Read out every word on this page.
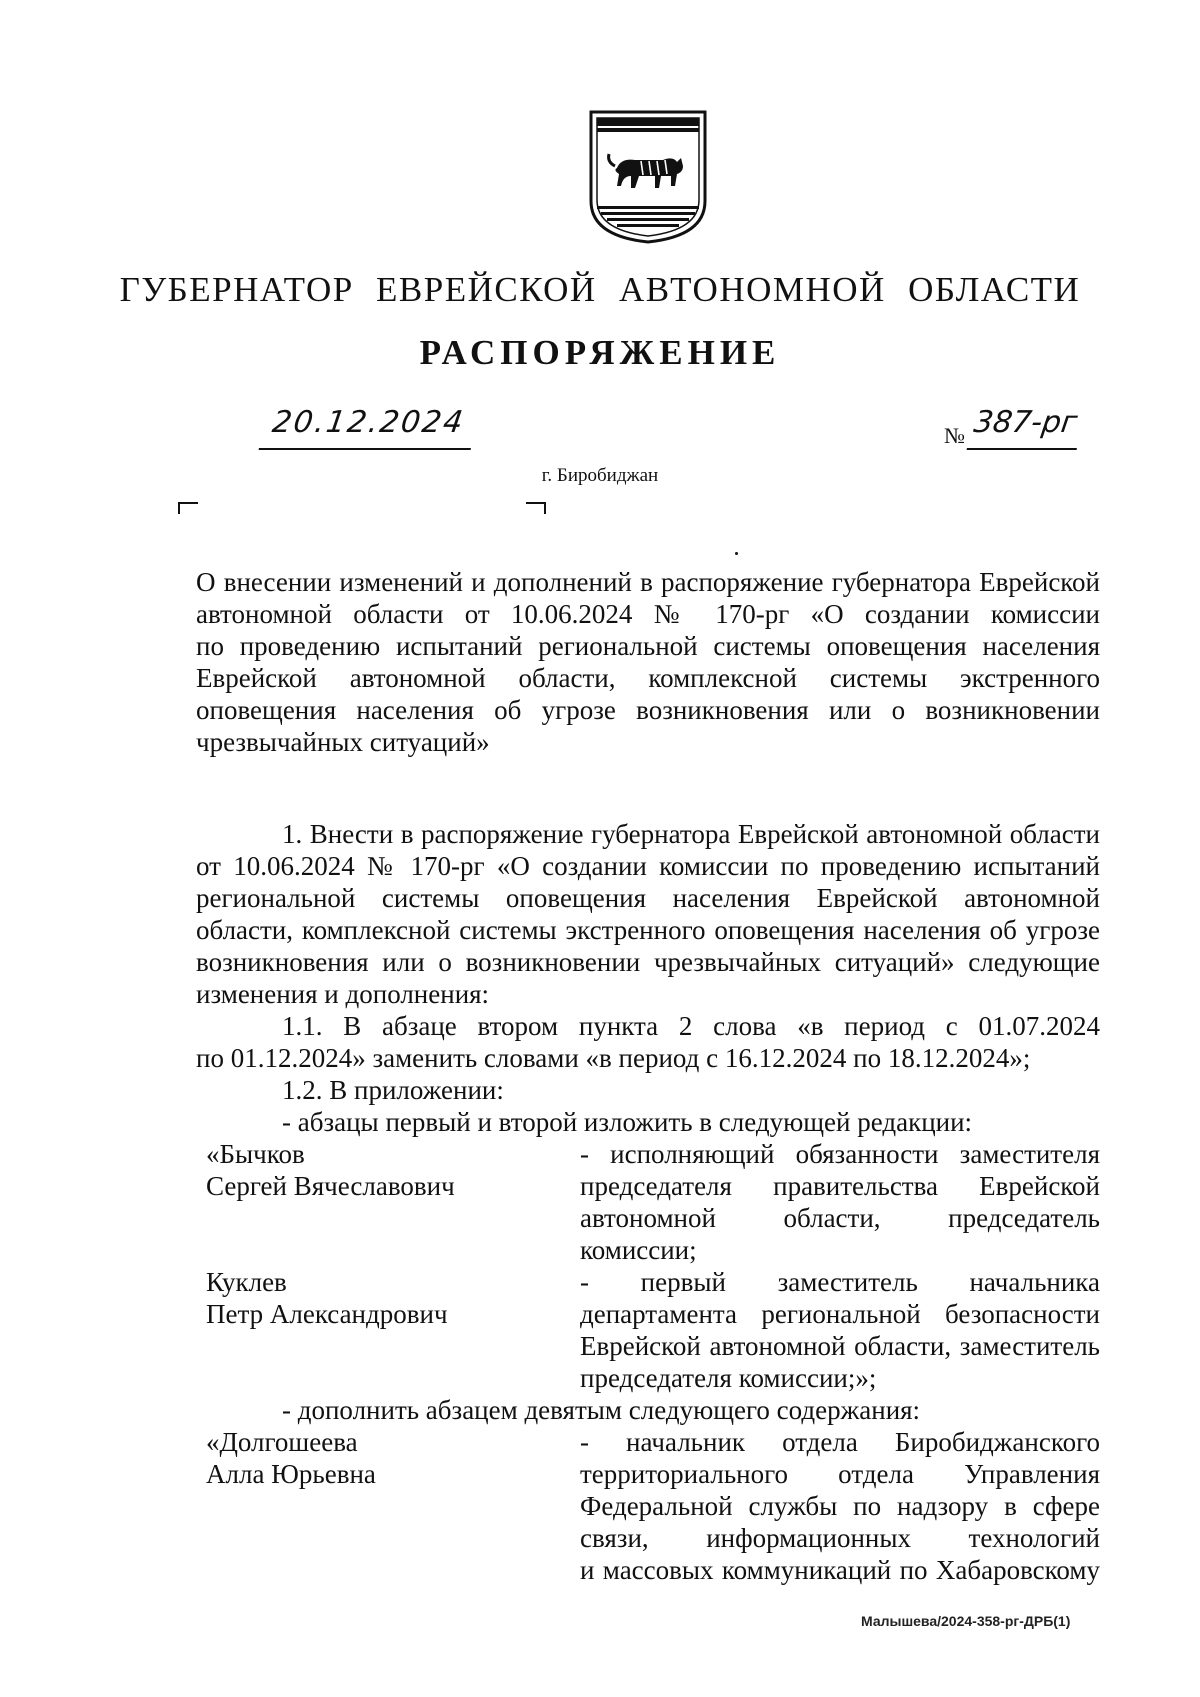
ГУБЕРНАТОР ЕВРЕЙСКОЙ АВТОНОМНОЙ ОБЛАСТИ
РАСПОРЯЖЕНИЕ
20.12.2024	№ 387-рг
г. Биробиджан
О внесении изменений и дополнений в распоряжение губернатора Еврейской
автономной области от 10.06.2024 № 170-рг «О создании комиссии
по проведению испытаний региональной системы оповещения населения
Еврейской автономной области, комплексной системы экстренного
оповещения населения об угрозе возникновения или о возникновении
чрезвычайных ситуаций»
1. Внести в распоряжение губернатора Еврейской автономной области
от 10.06.2024 № 170-рг «О создании комиссии по проведению испытаний
региональной системы оповещения населения Еврейской автономной
области, комплексной системы экстренного оповещения населения об угрозе
возникновения или о возникновении чрезвычайных ситуаций» следующие
изменения и дополнения:
1.1. В абзаце втором пункта 2 слова «в период с 01.07.2024
по 01.12.2024» заменить словами «в период с 16.12.2024 по 18.12.2024»;
1.2. В приложении:
- абзацы первый и второй изложить в следующей редакции:
«Бычков
Сергей Вячеславович
- исполняющий обязанности заместителя
председателя правительства Еврейской
автономной области, председатель
комиссии;
Куклев
Петр Александрович
- первый заместитель начальника
департамента региональной безопасности
Еврейской автономной области, заместитель
председателя комиссии;»;
- дополнить абзацем девятым следующего содержания:
«Долгошеева
Алла Юрьевна
- начальник отдела Биробиджанского
территориального отдела Управления
Федеральной службы по надзору в сфере
связи, информационных технологий
и массовых коммуникаций по Хабаровскому
Малышева/2024-358-рг-ДРБ(1)
